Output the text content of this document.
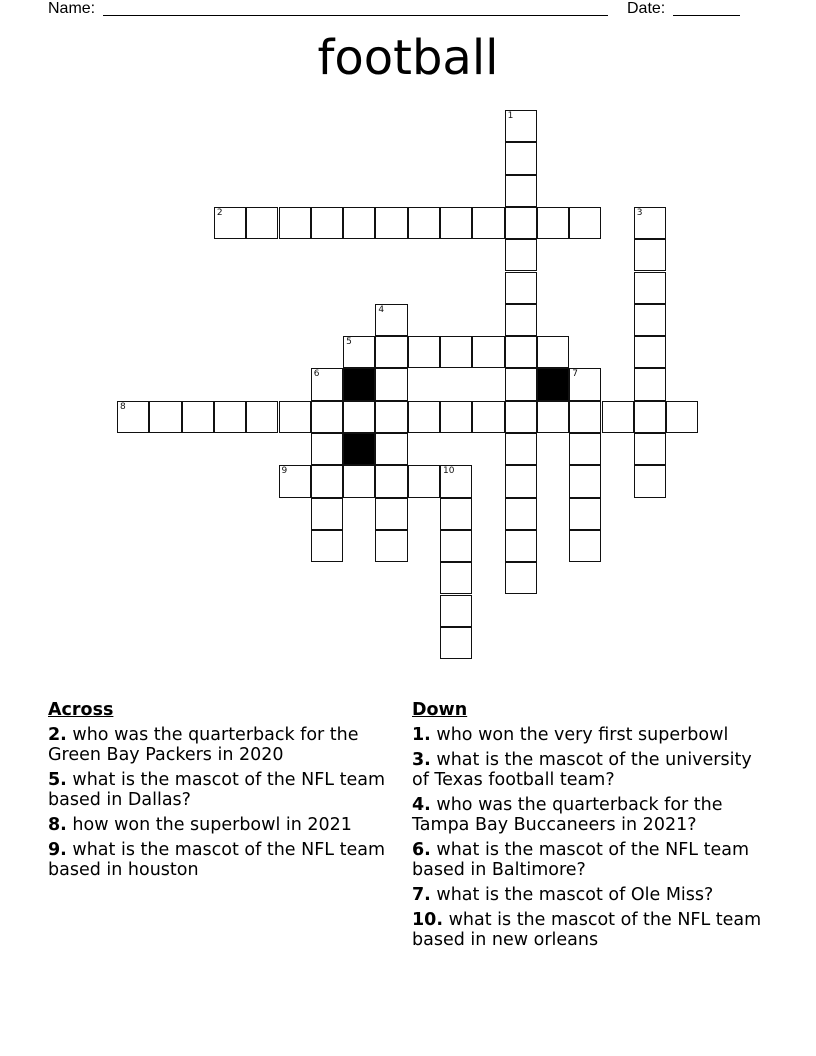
Name:	Date:
football
1
2	3
4
5
6	7
8
9	10
Across
2. who was the quarterback for the Green Bay Packers in 2020
5. what is the mascot of the NFL team based in Dallas?
8. how won the superbowl in 2021
9. what is the mascot of the NFL team based in houston
Down
1. who won the very first superbowl
3. what is the mascot of the university of Texas football team?
4. who was the quarterback for the Tampa Bay Buccaneers in 2021?
6. what is the mascot of the NFL team based in Baltimore?
7. what is the mascot of Ole Miss?
10. what is the mascot of the NFL team based in new orleans
